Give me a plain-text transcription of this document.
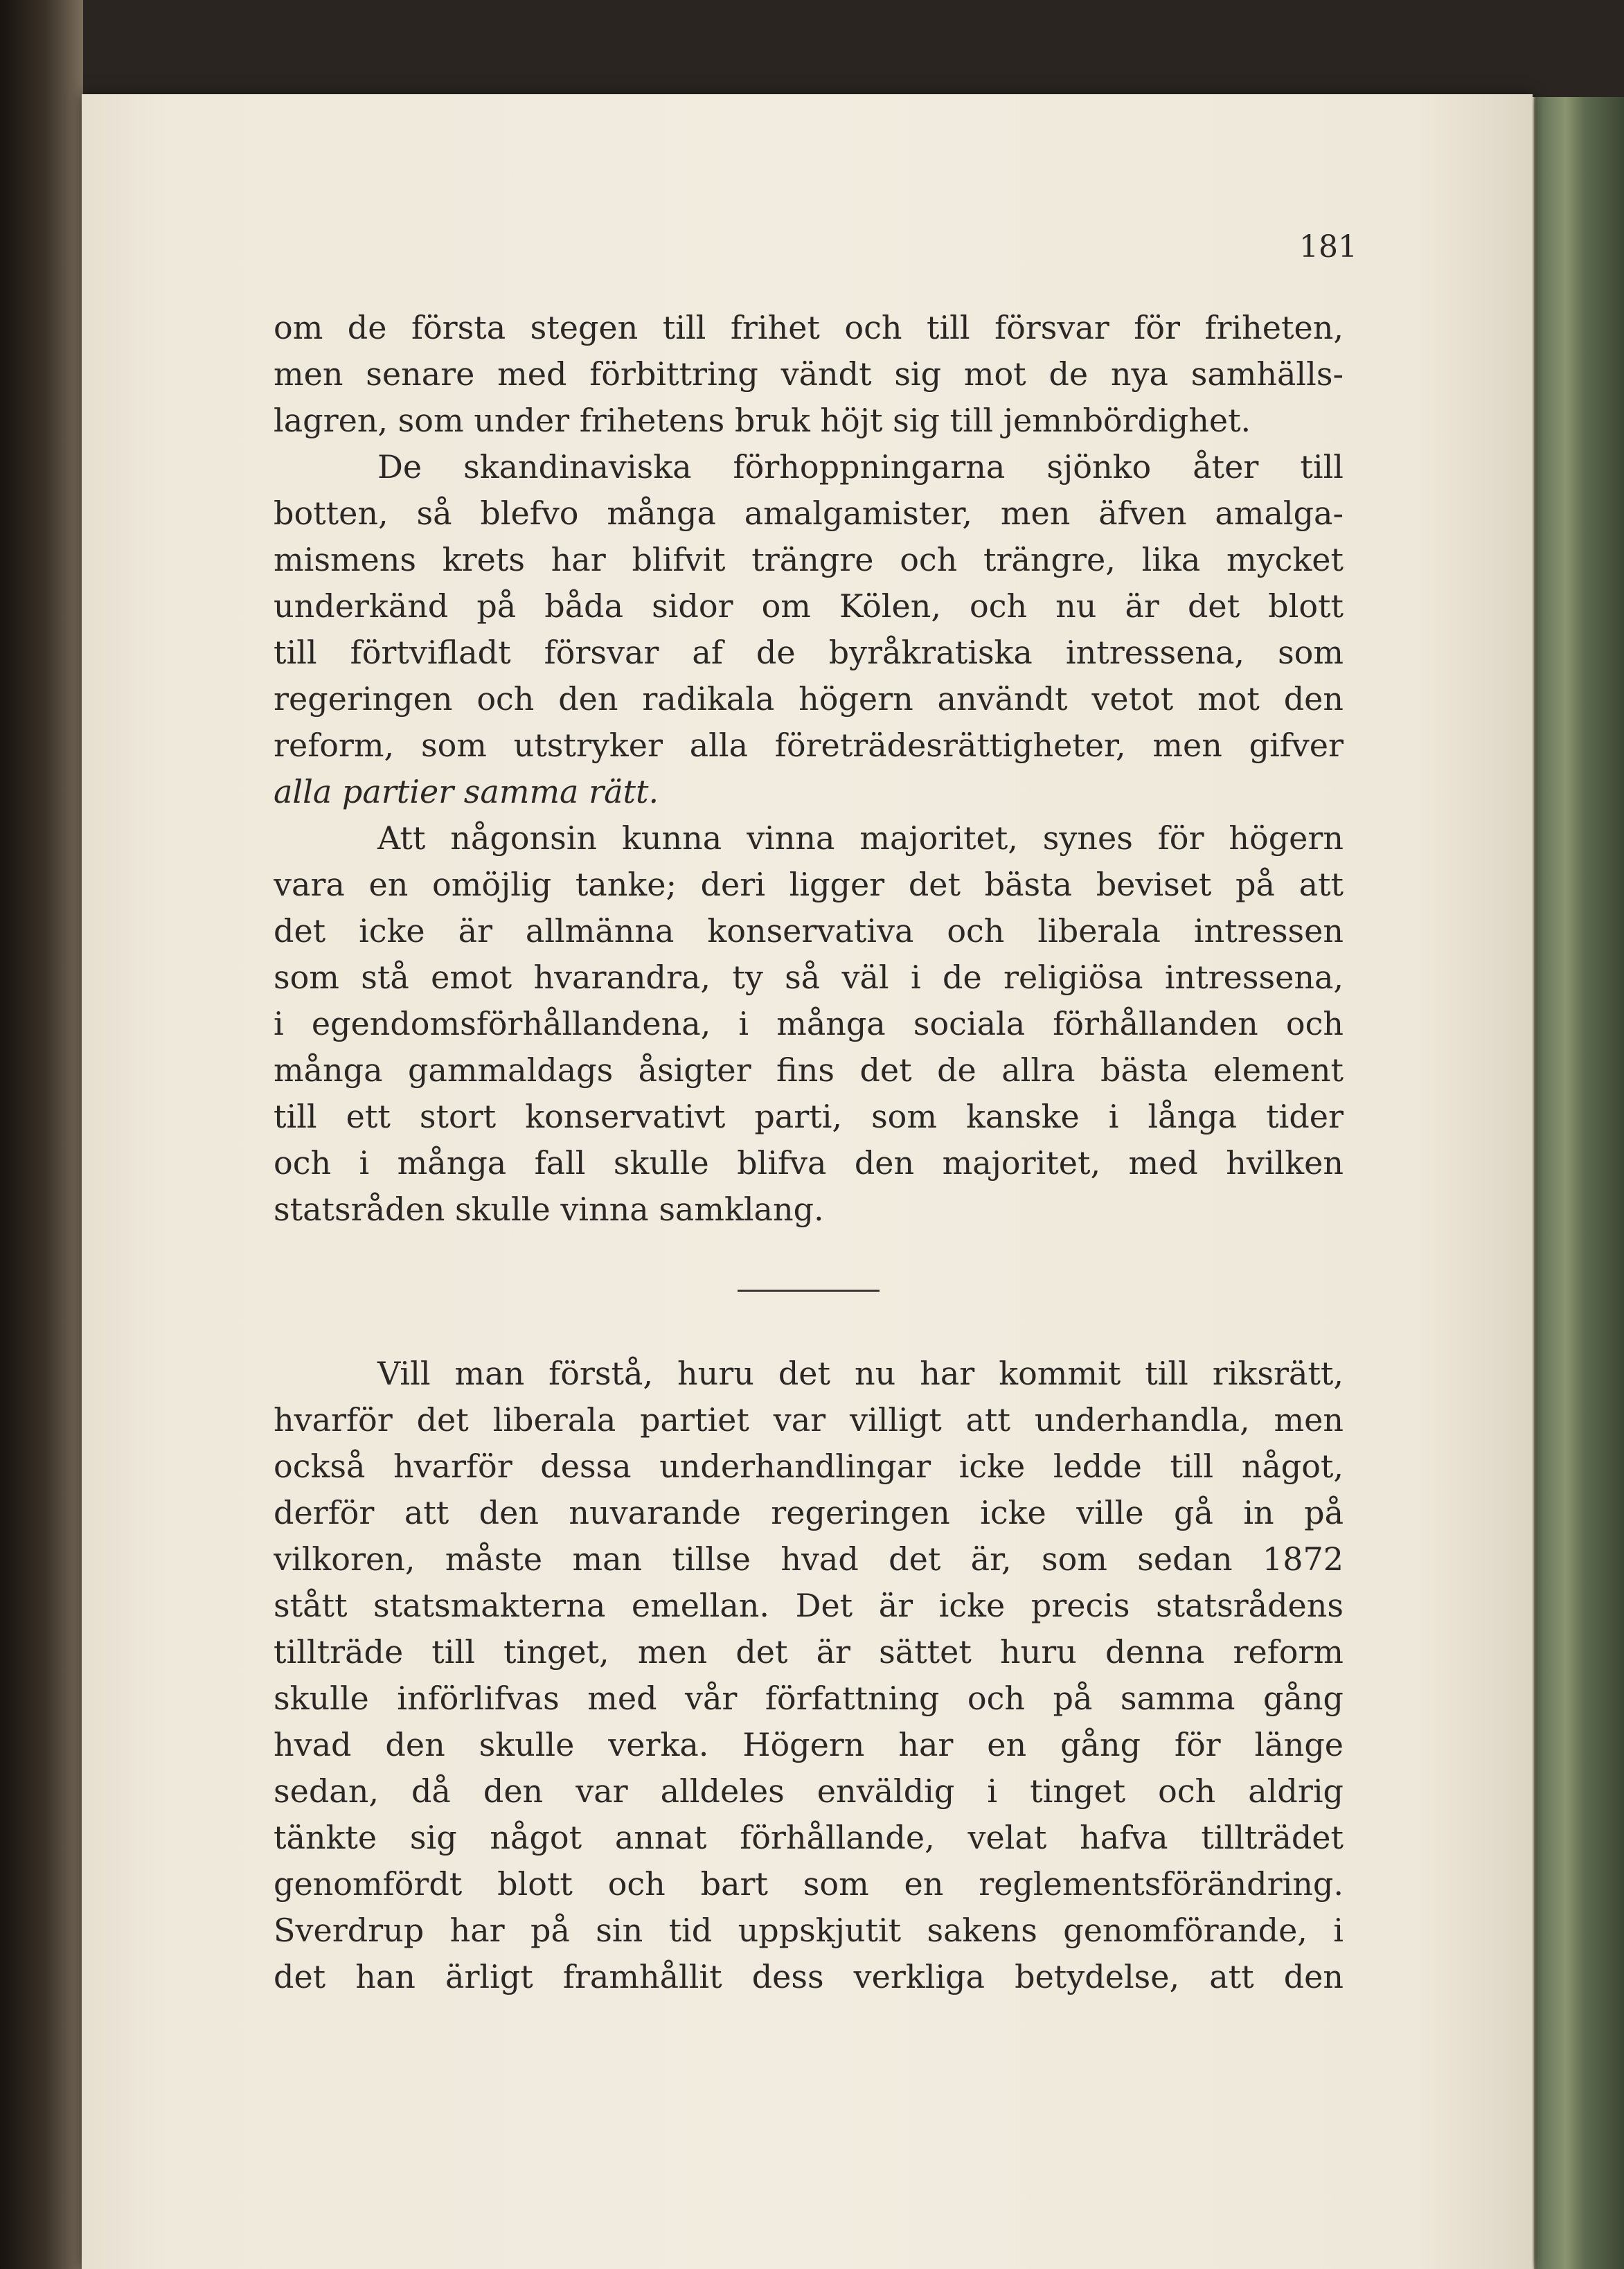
181
om de första stegen till frihet och till försvar för friheten,
men senare med förbittring vändt sig mot de nya samhälls-
lagren, som under frihetens bruk höjt sig till jemnbördighet.
De skandinaviska förhoppningarna sjönko åter till
botten, så blefvo många amalgamister, men äfven amalga-
mismens krets har blifvit trängre och trängre, lika mycket
underkänd på båda sidor om Kölen, och nu är det blott
till förtvifladt försvar af de byråkratiska intressena, som
regeringen och den radikala högern användt vetot mot den
reform, som utstryker alla företrädesrättigheter, men gifver
alla partier samma rätt.
Att någonsin kunna vinna majoritet, synes för högern
vara en omöjlig tanke; deri ligger det bästa beviset på att
det icke är allmänna konservativa och liberala intressen
som stå emot hvarandra, ty så väl i de religiösa intressena,
i egendomsförhållandena, i många sociala förhållanden och
många gammaldags åsigter fins det de allra bästa element
till ett stort konservativt parti, som kanske i långa tider
och i många fall skulle blifva den majoritet, med hvilken
statsråden skulle vinna samklang.
Vill man förstå, huru det nu har kommit till riksrätt,
hvarför det liberala partiet var villigt att underhandla, men
också hvarför dessa underhandlingar icke ledde till något,
derför att den nuvarande regeringen icke ville gå in på
vilkoren, måste man tillse hvad det är, som sedan 1872
stått statsmakterna emellan. Det är icke precis statsrådens
tillträde till tinget, men det är sättet huru denna reform
skulle införlifvas med vår författning och på samma gång
hvad den skulle verka. Högern har en gång för länge
sedan, då den var alldeles enväldig i tinget och aldrig
tänkte sig något annat förhållande, velat hafva tillträdet
genomfördt blott och bart som en reglementsförändring.
Sverdrup har på sin tid uppskjutit sakens genomförande, i
det han ärligt framhållit dess verkliga betydelse, att den
